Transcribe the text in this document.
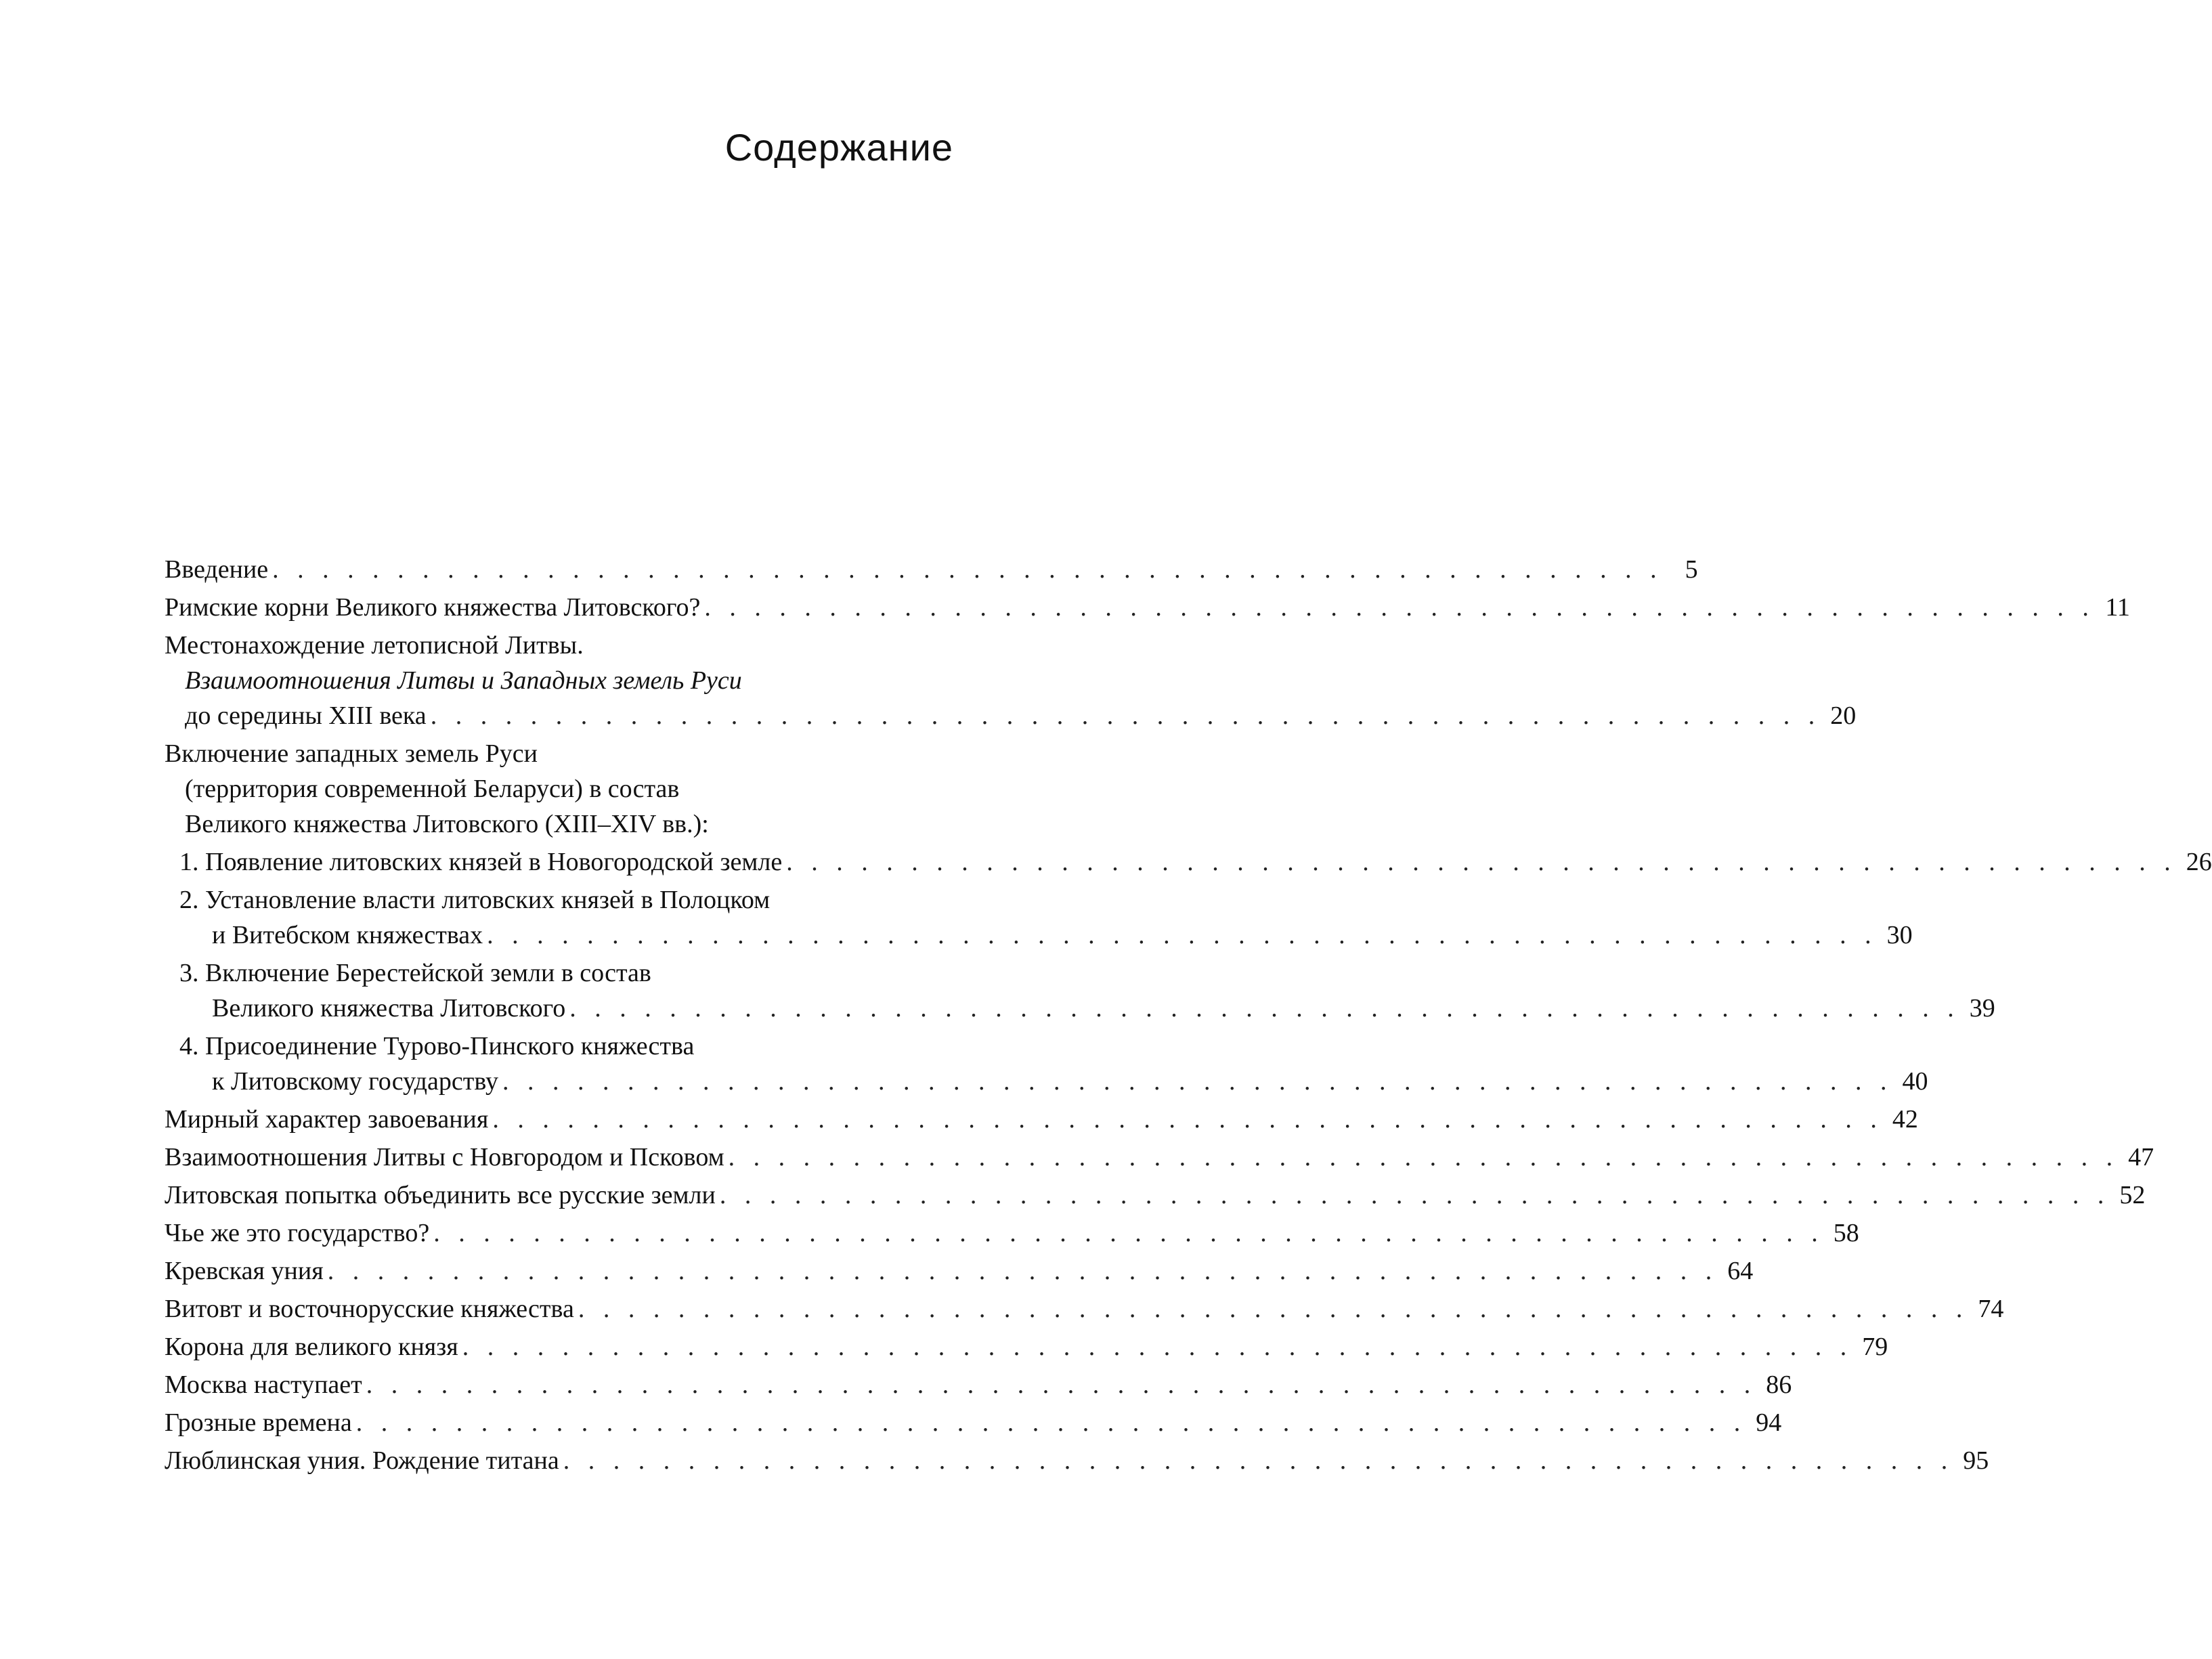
Содержание
Введение . . . . . . . . . . . . . . . . . . . . . . . . . . . . . . . . . . . . . . . . . . . . . . . . . . . . . . . . 5
Римские корни Великого княжества Литовского? . . . . . . . . . . . . . . . . . . . . . . . . . . . . . . . . . . . . . . . . . . . . . . . . . . . . . . . . 11
Местонахождение летописной Литвы.
Взаимоотношения Литвы и Западных земель Руси
до середины XIII века . . . . . . . . . . . . . . . . . . . . . . . . . . . . . . . . . . . . . . . . . . . . . . . . . . . . . . . . 20
Включение западных земель Руси
(территория современной Беларуси) в состав
Великого княжества Литовского (XIII–XIV вв.):
1. Появление литовских князей в Новогородской земле . . . . . . . . . . . . . . . . . . . . . . . . . . . . . . . . . . . . . . . . . . . . . . . . . . . . . . . . 26
2. Установление власти литовских князей в Полоцком
и Витебском княжествах . . . . . . . . . . . . . . . . . . . . . . . . . . . . . . . . . . . . . . . . . . . . . . . . . . . . . . . . 30
3. Включение Берестейской земли в состав
Великого княжества Литовского . . . . . . . . . . . . . . . . . . . . . . . . . . . . . . . . . . . . . . . . . . . . . . . . . . . . . . . . 39
4. Присоединение Турово-Пинского княжества
к Литовскому государству . . . . . . . . . . . . . . . . . . . . . . . . . . . . . . . . . . . . . . . . . . . . . . . . . . . . . . . . 40
Мирный характер завоевания . . . . . . . . . . . . . . . . . . . . . . . . . . . . . . . . . . . . . . . . . . . . . . . . . . . . . . . . 42
Взаимоотношения Литвы с Новгородом и Псковом . . . . . . . . . . . . . . . . . . . . . . . . . . . . . . . . . . . . . . . . . . . . . . . . . . . . . . . . 47
Литовская попытка объединить все русские земли . . . . . . . . . . . . . . . . . . . . . . . . . . . . . . . . . . . . . . . . . . . . . . . . . . . . . . . . 52
Чье же это государство? . . . . . . . . . . . . . . . . . . . . . . . . . . . . . . . . . . . . . . . . . . . . . . . . . . . . . . . . 58
Кревская уния . . . . . . . . . . . . . . . . . . . . . . . . . . . . . . . . . . . . . . . . . . . . . . . . . . . . . . . . 64
Витовт и восточнорусские княжества . . . . . . . . . . . . . . . . . . . . . . . . . . . . . . . . . . . . . . . . . . . . . . . . . . . . . . . . 74
Корона для великого князя . . . . . . . . . . . . . . . . . . . . . . . . . . . . . . . . . . . . . . . . . . . . . . . . . . . . . . . . 79
Москва наступает . . . . . . . . . . . . . . . . . . . . . . . . . . . . . . . . . . . . . . . . . . . . . . . . . . . . . . . . 86
Грозные времена . . . . . . . . . . . . . . . . . . . . . . . . . . . . . . . . . . . . . . . . . . . . . . . . . . . . . . . . 94
Люблинская уния. Рождение титана . . . . . . . . . . . . . . . . . . . . . . . . . . . . . . . . . . . . . . . . . . . . . . . . . . . . . . . . 95
